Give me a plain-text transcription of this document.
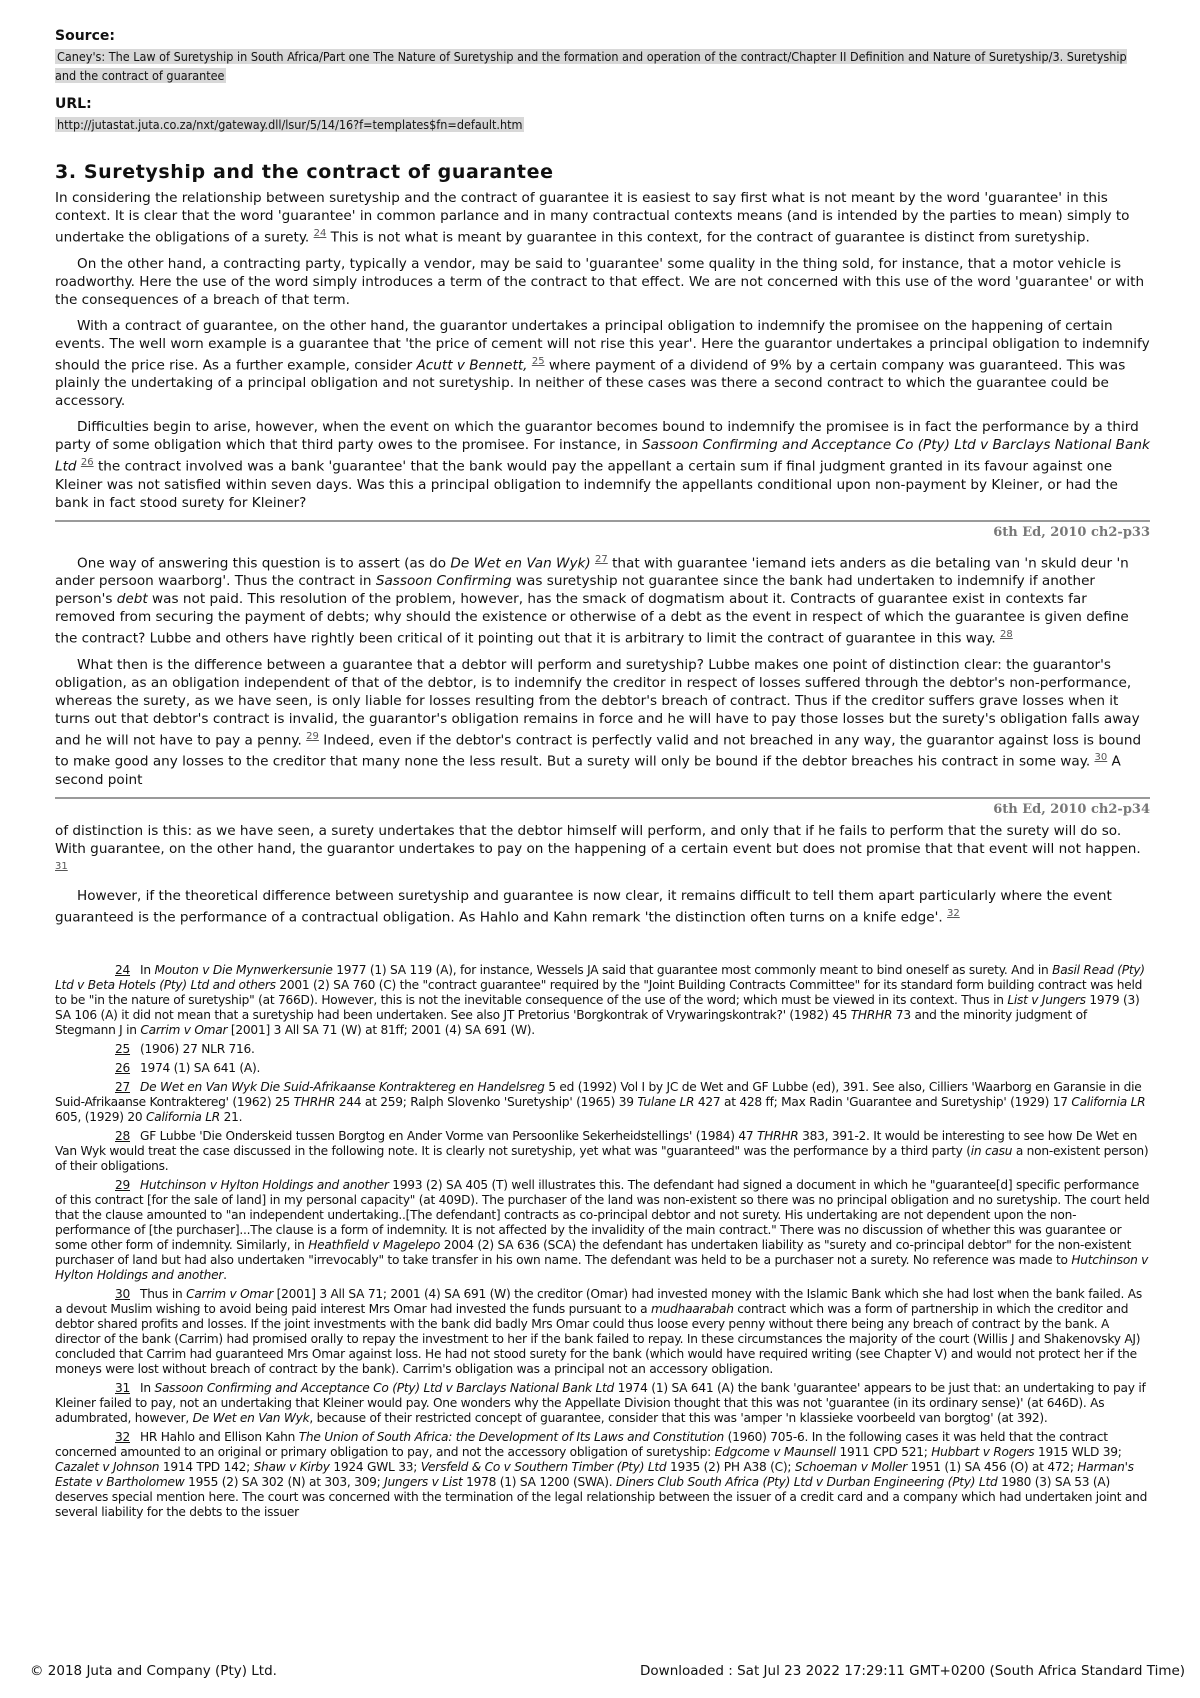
Source:
Caney's: The Law of Suretyship in South Africa/Part one The Nature of Suretyship and the formation and operation of the contract/Chapter II Definition and Nature of Suretyship/3. Suretyship and the contract of guarantee
URL:
http://jutastat.juta.co.za/nxt/gateway.dll/lsur/5/14/16?f=templates$fn=default.htm
3. Suretyship and the contract of guarantee

In considering the relationship between suretyship and the contract of guarantee it is easiest to say first what is not meant by the word 'guarantee' in this context. It is clear that the word 'guarantee' in common parlance and in many contractual contexts means (and is intended by the parties to mean) simply to undertake the obligations of a surety. $^{24}$ This is not what is meant by guarantee in this context, for the contract of guarantee is distinct from suretyship.

On the other hand, a contracting party, typically a vendor, may be said to 'guarantee' some quality in the thing sold, for instance, that a motor vehicle is roadworthy. Here the use of the word simply introduces a term of the contract to that effect. We are not concerned with this use of the word 'guarantee' or with the consequences of a breach of that term.

With a contract of guarantee, on the other hand, the guarantor undertakes a principal obligation to indemnify the promisee on the happening of certain events. The well worn example is a guarantee that 'the price of cement will not rise this year'. Here the guarantor undertakes a principal obligation to indemnify should the price rise. As a further example, consider Acutt v Bennett, $^{25}$ where payment of a dividend of 9% by a certain company was guaranteed. This was plainly the undertaking of a principal obligation and not suretyship. In neither of these cases was there a second contract to which the guarantee could be accessory.

Difficulties begin to arise, however, when the event on which the guarantor becomes bound to indemnify the promisee is in fact the performance by a third party of some obligation which that third party owes to the promisee. For instance, in Sassoon Confirming and Acceptance Co (Pty) Ltd v Barclays National Bank Ltd $^{26}$ the contract involved was a bank 'guarantee' that the bank would pay the appellant a certain sum if final judgment granted in its favour against one Kleiner was not satisfied within seven days. Was this a principal obligation to indemnify the appellants conditional upon non-payment by Kleiner, or had the bank in fact stood surety for Kleiner?

6th Ed, 2010 ch2-p33

One way of answering this question is to assert (as do De Wet en Van Wyk) $^{27}$ that with guarantee 'iemand iets anders as die betaling van 'n skuld deur 'n ander persoon waarborg'. Thus the contract in Sassoon Confirming was suretyship not guarantee since the bank had undertaken to indemnify if another person's debt was not paid. This resolution of the problem, however, has the smack of dogmatism about it. Contracts of guarantee exist in contexts far removed from securing the payment of debts; why should the existence or otherwise of a debt as the event in respect of which the guarantee is given define the contract? Lubbe and others have rightly been critical of it pointing out that it is arbitrary to limit the contract of guarantee in this way. $^{28}$

What then is the difference between a guarantee that a debtor will perform and suretyship? Lubbe makes one point of distinction clear: the guarantor's obligation, as an obligation independent of that of the debtor, is to indemnify the creditor in respect of losses suffered through the debtor's non-performance, whereas the surety, as we have seen, is only liable for losses resulting from the debtor's breach of contract. Thus if the creditor suffers grave losses when it turns out that debtor's contract is invalid, the guarantor's obligation remains in force and he will have to pay those losses but the surety's obligation falls away and he will not have to pay a penny. $^{29}$ Indeed, even if the debtor's contract is perfectly valid and not breached in any way, the guarantor against loss is bound to make good any losses to the creditor that many none the less result. But a surety will only be bound if the debtor breaches his contract in some way. $^{30}$ A second point

6th Ed, 2010 ch2-p34

of distinction is this: as we have seen, a surety undertakes that the debtor himself will perform, and only that if he fails to perform that the surety will do so. With guarantee, on the other hand, the guarantor undertakes to pay on the happening of a certain event but does not promise that that event will not happen. $^{31}$

However, if the theoretical difference between suretyship and guarantee is now clear, it remains difficult to tell them apart particularly where the event guaranteed is the performance of a contractual obligation. As Hahlo and Kahn remark 'the distinction often turns on a knife edge'. $^{32}$

24 In Mouton v Die Mynwerkersunie 1977 (1) SA 119 (A), for instance, Wessels JA said that guarantee most commonly meant to bind oneself as surety. And in Basil Read (Pty) Ltd v Beta Hotels (Pty) Ltd and others 2001 (2) SA 760 (C) the "contract guarantee" required by the "Joint Building Contracts Committee" for its standard form building contract was held to be "in the nature of suretyship" (at 766D). However, this is not the inevitable consequence of the use of the word; which must be viewed in its context. Thus in List v Jungers 1979 (3) SA 106 (A) it did not mean that a suretyship had been undertaken. See also JT Pretorius 'Borgkontrak of Vrywaringskontrak?' (1982) 45 THRHR 73 and the minority judgment of Stegmann J in Carrim v Omar [2001] 3 All SA 71 (W) at 81ff; 2001 (4) SA 691 (W).
25 (1906) 27 NLR 716.
26 1974 (1) SA 641 (A).
27 De Wet en Van Wyk Die Suid-Afrikaanse Kontraktereg en Handelsreg 5 ed (1992) Vol I by JC de Wet and GF Lubbe (ed), 391. See also, Cilliers 'Waarborg en Garansie in die Suid-Afrikaanse Kontraktereg' (1962) 25 THRHR 244 at 259; Ralph Slovenko 'Suretyship' (1965) 39 Tulane LR 427 at 428 ff; Max Radin 'Guarantee and Suretyship' (1929) 17 California LR 605, (1929) 20 California LR 21.
28 GF Lubbe 'Die Onderskeid tussen Borgtog en Ander Vorme van Persoonlike Sekerheidstellings' (1984) 47 THRHR 383, 391-2. It would be interesting to see how De Wet en Van Wyk would treat the case discussed in the following note. It is clearly not suretyship, yet what was "guaranteed" was the performance by a third party (in casu a non-existent person) of their obligations.
29 Hutchinson v Hylton Holdings and another 1993 (2) SA 405 (T) well illustrates this. The defendant had signed a document in which he "guarantee[d] specific performance of this contract [for the sale of land] in my personal capacity" (at 409D). The purchaser of the land was non-existent so there was no principal obligation and no suretyship. The court held that the clause amounted to "an independent undertaking..[The defendant] contracts as co-principal debtor and not surety. His undertaking are not dependent upon the non-performance of [the purchaser]...The clause is a form of indemnity. It is not affected by the invalidity of the main contract." There was no discussion of whether this was guarantee or some other form of indemnity. Similarly, in Heathfield v Magelepo 2004 (2) SA 636 (SCA) the defendant has undertaken liability as "surety and co-principal debtor" for the non-existent purchaser of land but had also undertaken "irrevocably" to take transfer in his own name. The defendant was held to be a purchaser not a surety. No reference was made to Hutchinson v Hylton Holdings and another.
30 Thus in Carrim v Omar [2001] 3 All SA 71; 2001 (4) SA 691 (W) the creditor (Omar) had invested money with the Islamic Bank which she had lost when the bank failed. As a devout Muslim wishing to avoid being paid interest Mrs Omar had invested the funds pursuant to a mudhaarabah contract which was a form of partnership in which the creditor and debtor shared profits and losses. If the joint investments with the bank did badly Mrs Omar could thus loose every penny without there being any breach of contract by the bank. A director of the bank (Carrim) had promised orally to repay the investment to her if the bank failed to repay. In these circumstances the majority of the court (Willis J and Shakenovsky AJ) concluded that Carrim had guaranteed Mrs Omar against loss. He had not stood surety for the bank (which would have required writing (see Chapter V) and would not protect her if the moneys were lost without breach of contract by the bank). Carrim's obligation was a principal not an accessory obligation.
31 In Sassoon Confirming and Acceptance Co (Pty) Ltd v Barclays National Bank Ltd 1974 (1) SA 641 (A) the bank 'guarantee' appears to be just that: an undertaking to pay if Kleiner failed to pay, not an undertaking that Kleiner would pay. One wonders why the Appellate Division thought that this was not 'guarantee (in its ordinary sense)' (at 646D). As adumbrated, however, De Wet en Van Wyk, because of their restricted concept of guarantee, consider that this was 'amper 'n klassieke voorbeeld van borgtog' (at 392).
32 HR Hahlo and Ellison Kahn The Union of South Africa: the Development of Its Laws and Constitution (1960) 705-6. In the following cases it was held that the contract concerned amounted to an original or primary obligation to pay, and not the accessory obligation of suretyship: Edgcome v Maunsell 1911 CPD 521; Hubbart v Rogers 1915 WLD 39; Cazalet v Johnson 1914 TPD 142; Shaw v Kirby 1924 GWL 33; Versfeld & Co v Southern Timber (Pty) Ltd 1935 (2) PH A38 (C); Schoeman v Moller 1951 (1) SA 456 (O) at 472; Harman's Estate v Bartholomew 1955 (2) SA 302 (N) at 303, 309; Jungers v List 1978 (1) SA 1200 (SWA). Diners Club South Africa (Pty) Ltd v Durban Engineering (Pty) Ltd 1980 (3) SA 53 (A) deserves special mention here. The court was concerned with the termination of the legal relationship between the issuer of a credit card and a company which had undertaken joint and several liability for the debts to the issuer
© 2018 Juta and Company (Pty) Ltd.	Downloaded : Sat Jul 23 2022 17:29:11 GMT+0200 (South Africa Standard Time)
